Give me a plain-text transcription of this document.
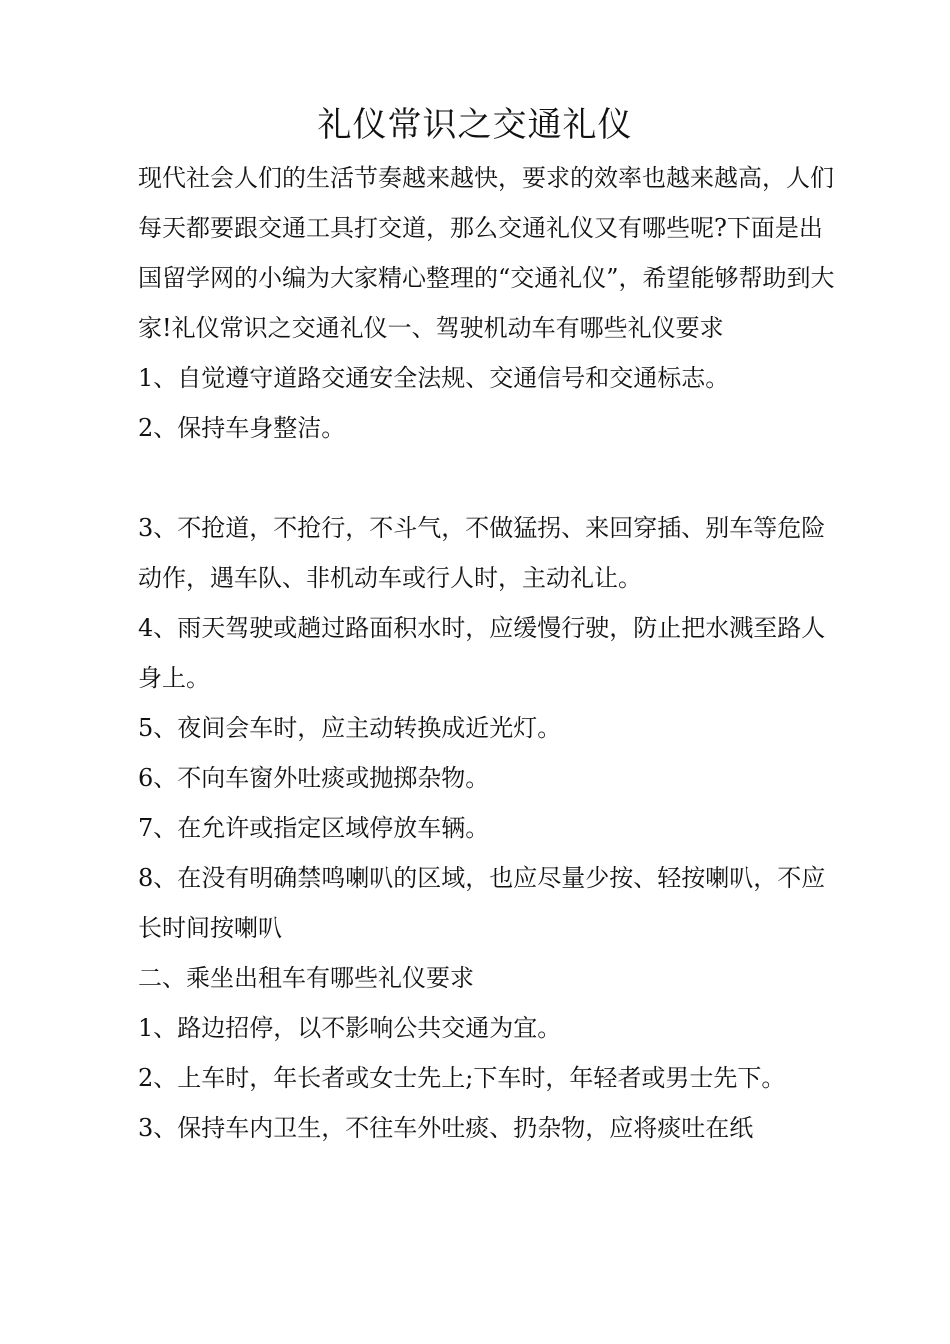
礼仪常识之交通礼仪

现代社会人们的生活节奏越来越快，要求的效率也越来越高，人们每天都要跟交通工具打交道，那么交通礼仪又有哪些呢?下面是出国留学网的小编为大家精心整理的“交通礼仪”，希望能够帮助到大家!礼仪常识之交通礼仪一、驾驶机动车有哪些礼仪要求

1、自觉遵守道路交通安全法规、交通信号和交通标志。

2、保持车身整洁。

3、不抢道，不抢行，不斗气，不做猛拐、来回穿插、别车等危险动作，遇车队、非机动车或行人时，主动礼让。

4、雨天驾驶或趟过路面积水时，应缓慢行驶，防止把水溅至路人身上。

5、夜间会车时，应主动转换成近光灯。

6、不向车窗外吐痰或抛掷杂物。

7、在允许或指定区域停放车辆。

8、在没有明确禁鸣喇叭的区域，也应尽量少按、轻按喇叭，不应长时间按喇叭

二、乘坐出租车有哪些礼仪要求

1、路边招停，以不影响公共交通为宜。

2、上车时，年长者或女士先上;下车时，年轻者或男士先下。

3、保持车内卫生，不往车外吐痰、扔杂物，应将痰吐在纸
